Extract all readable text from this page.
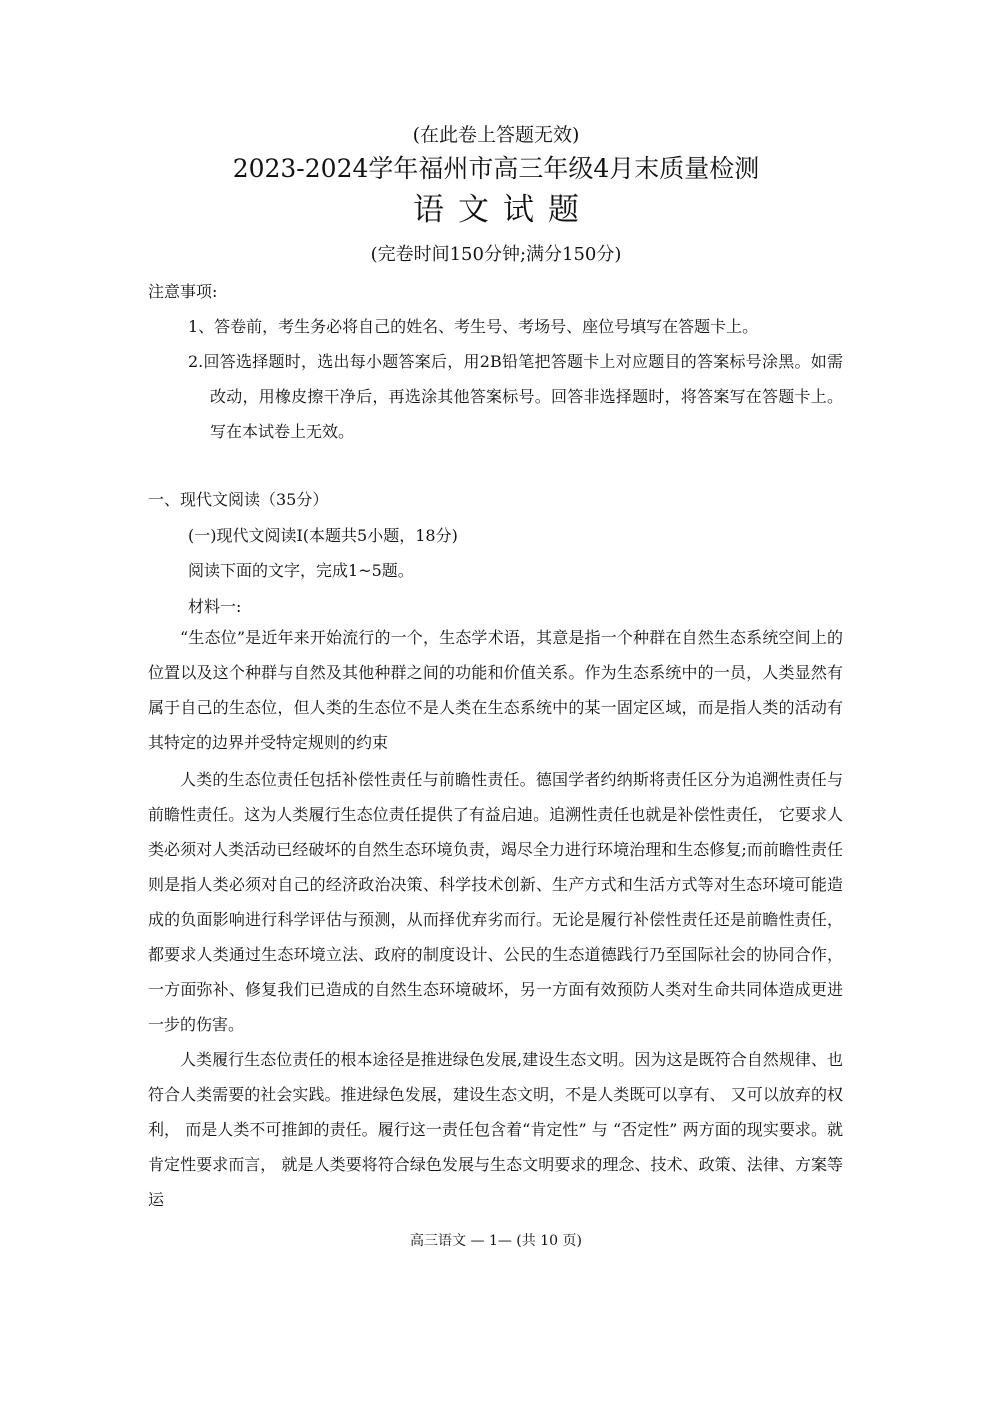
(在此卷上答题无效)
2023-2024学年福州市高三年级4月末质量检测
语文试题
(完卷时间150分钟;满分150分)
注意事项:
1、答卷前，考生务必将自己的姓名、考生号、考场号、座位号填写在答题卡上。
2.回答选择题时，选出每小题答案后，用2B铅笔把答题卡上对应题目的答案标号涂黑。如需改动，用橡皮擦干净后，再选涂其他答案标号。回答非选择题时，将答案写在答题卡上。写在本试卷上无效。
一、现代文阅读（35分）
(一)现代文阅读Ⅰ(本题共5小题，18分)
阅读下面的文字，完成1~5题。
材料一:
“生态位”是近年来开始流行的一个，生态学术语，其意是指一个种群在自然生态系统空间上的位置以及这个种群与自然及其他种群之间的功能和价值关系。作为生态系统中的一员，人类显然有属于自己的生态位，但人类的生态位不是人类在生态系统中的某一固定区域，而是指人类的活动有其特定的边界并受特定规则的约束
人类的生态位责任包括补偿性责任与前瞻性责任。德国学者约纳斯将责任区分为追溯性责任与前瞻性责任。这为人类履行生态位责任提供了有益启迪。追溯性责任也就是补偿性责任， 它要求人类必须对人类活动已经破坏的自然生态环境负责，竭尽全力进行环境治理和生态修复;而前瞻性责任则是指人类必须对自己的经济政治决策、科学技术创新、生产方式和生活方式等对生态环境可能造成的负面影响进行科学评估与预测，从而择优弃劣而行。无论是履行补偿性责任还是前瞻性责任，都要求人类通过生态环境立法、政府的制度设计、公民的生态道德践行乃至国际社会的协同合作，一方面弥补、修复我们已造成的自然生态环境破坏，另一方面有效预防人类对生命共同体造成更进一步的伤害。
人类履行生态位责任的根本途径是推进绿色发展,建设生态文明。因为这是既符合自然规律、也符合人类需要的社会实践。推进绿色发展，建设生态文明，不是人类既可以享有、 又可以放弃的权利， 而是人类不可推卸的责任。履行这一责任包含着“肯定性” 与 “否定性” 两方面的现实要求。就肯定性要求而言， 就是人类要将符合绿色发展与生态文明要求的理念、技术、政策、法律、方案等运
高三语文 — 1— (共 10 页)
